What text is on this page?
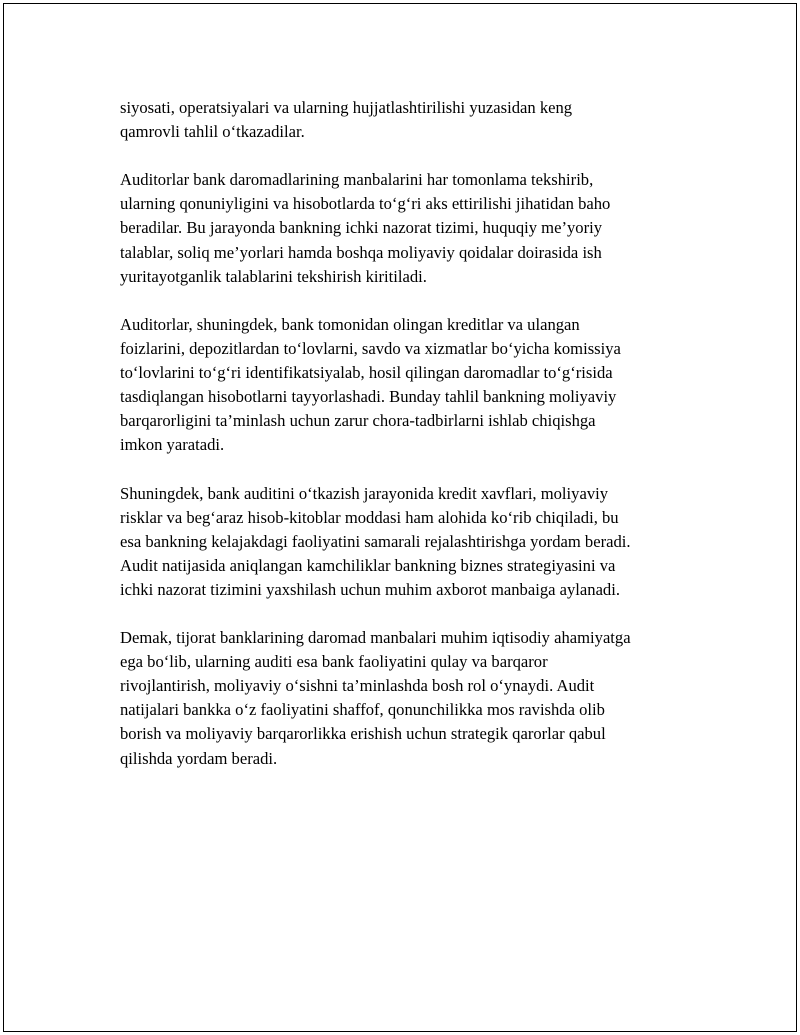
siyosati, operatsiyalari va ularning hujjatlashtirilishi yuzasidan keng
qamrovli tahlil o‘tkazadilar.

Auditorlar bank daromadlarining manbalarini har tomonlama tekshirib,
ularning qonuniyligini va hisobotlarda to‘g‘ri aks ettirilishi jihatidan baho
beradilar. Bu jarayonda bankning ichki nazorat tizimi, huquqiy me’yoriy
talablar, soliq me’yorlari hamda boshqa moliyaviy qoidalar doirasida ish
yuritayotganlik talablarini tekshirish kiritiladi.

Auditorlar, shuningdek, bank tomonidan olingan kreditlar va ulangan
foizlarini, depozitlardan to‘lovlarni, savdo va xizmatlar bo‘yicha komissiya
to‘lovlarini to‘g‘ri identifikatsiyalab, hosil qilingan daromadlar to‘g‘risida
tasdiqlangan hisobotlarni tayyorlashadi. Bunday tahlil bankning moliyaviy
barqarorligini ta’minlash uchun zarur chora-tadbirlarni ishlab chiqishga
imkon yaratadi.

Shuningdek, bank auditini o‘tkazish jarayonida kredit xavflari, moliyaviy
risklar va beg‘araz hisob-kitoblar moddasi ham alohida ko‘rib chiqiladi, bu
esa bankning kelajakdagi faoliyatini samarali rejalashtirishga yordam beradi.
Audit natijasida aniqlangan kamchiliklar bankning biznes strategiyasini va
ichki nazorat tizimini yaxshilash uchun muhim axborot manbaiga aylanadi.

Demak, tijorat banklarining daromad manbalari muhim iqtisodiy ahamiyatga
ega bo‘lib, ularning auditi esa bank faoliyatini qulay va barqaror
rivojlantirish, moliyaviy o‘sishni ta’minlashda bosh rol o‘ynaydi. Audit
natijalari bankka o‘z faoliyatini shaffof, qonunchilikka mos ravishda olib
borish va moliyaviy barqarorlikka erishish uchun strategik qarorlar qabul
qilishda yordam beradi.
